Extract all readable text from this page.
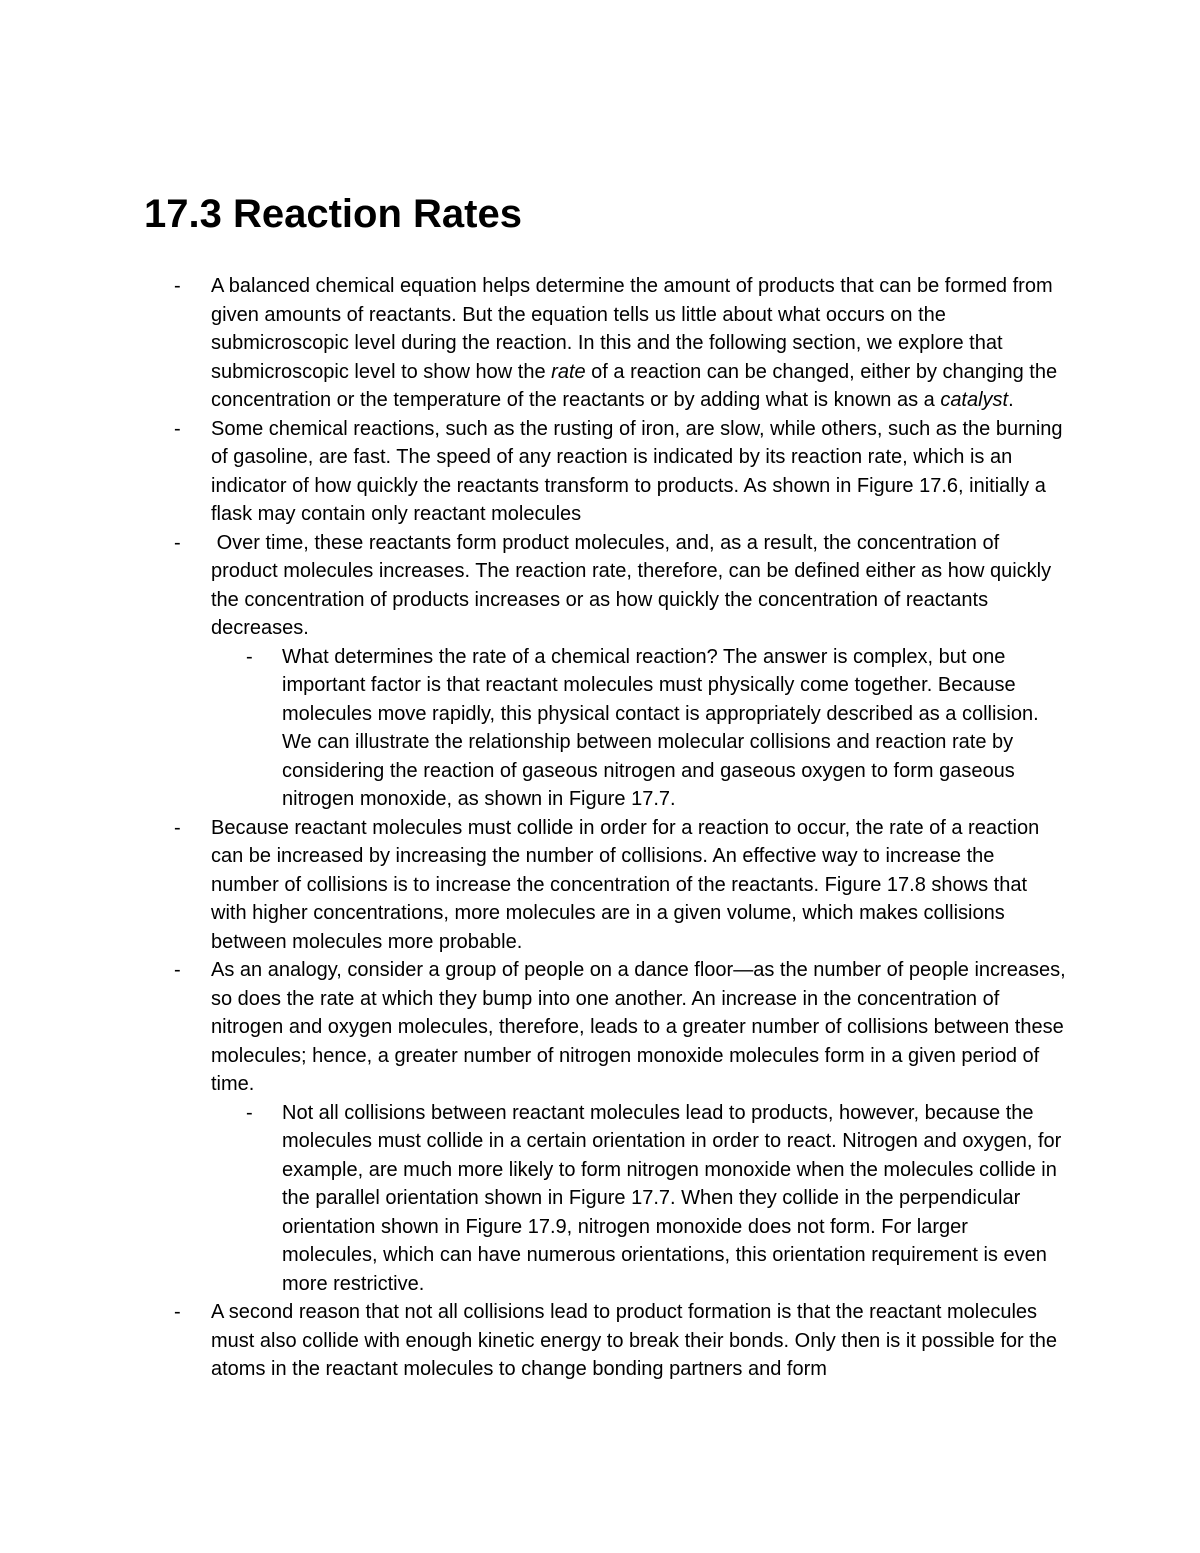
17.3 Reaction Rates
- A balanced chemical equation helps determine the amount of products that can be formed from given amounts of reactants. But the equation tells us little about what occurs on the submicroscopic level during the reaction. In this and the following section, we explore that submicroscopic level to show how the rate of a reaction can be changed, either by changing the concentration or the temperature of the reactants or by adding what is known as a catalyst.
- Some chemical reactions, such as the rusting of iron, are slow, while others, such as the burning of gasoline, are fast. The speed of any reaction is indicated by its reaction rate, which is an indicator of how quickly the reactants transform to products. As shown in Figure 17.6, initially a flask may contain only reactant molecules
- Over time, these reactants form product molecules, and, as a result, the concentration of product molecules increases. The reaction rate, therefore, can be defined either as how quickly the concentration of products increases or as how quickly the concentration of reactants decreases.
- What determines the rate of a chemical reaction? The answer is complex, but one important factor is that reactant molecules must physically come together. Because molecules move rapidly, this physical contact is appropriately described as a collision. We can illustrate the relationship between molecular collisions and reaction rate by considering the reaction of gaseous nitrogen and gaseous oxygen to form gaseous nitrogen monoxide, as shown in Figure 17.7.
- Because reactant molecules must collide in order for a reaction to occur, the rate of a reaction can be increased by increasing the number of collisions. An effective way to increase the number of collisions is to increase the concentration of the reactants. Figure 17.8 shows that with higher concentrations, more molecules are in a given volume, which makes collisions between molecules more probable.
- As an analogy, consider a group of people on a dance floor—as the number of people increases, so does the rate at which they bump into one another. An increase in the concentration of nitrogen and oxygen molecules, therefore, leads to a greater number of collisions between these molecules; hence, a greater number of nitrogen monoxide molecules form in a given period of time.
- Not all collisions between reactant molecules lead to products, however, because the molecules must collide in a certain orientation in order to react. Nitrogen and oxygen, for example, are much more likely to form nitrogen monoxide when the molecules collide in the parallel orientation shown in Figure 17.7. When they collide in the perpendicular orientation shown in Figure 17.9, nitrogen monoxide does not form. For larger molecules, which can have numerous orientations, this orientation requirement is even more restrictive.
- A second reason that not all collisions lead to product formation is that the reactant molecules must also collide with enough kinetic energy to break their bonds. Only then is it possible for the atoms in the reactant molecules to change bonding partners and form
